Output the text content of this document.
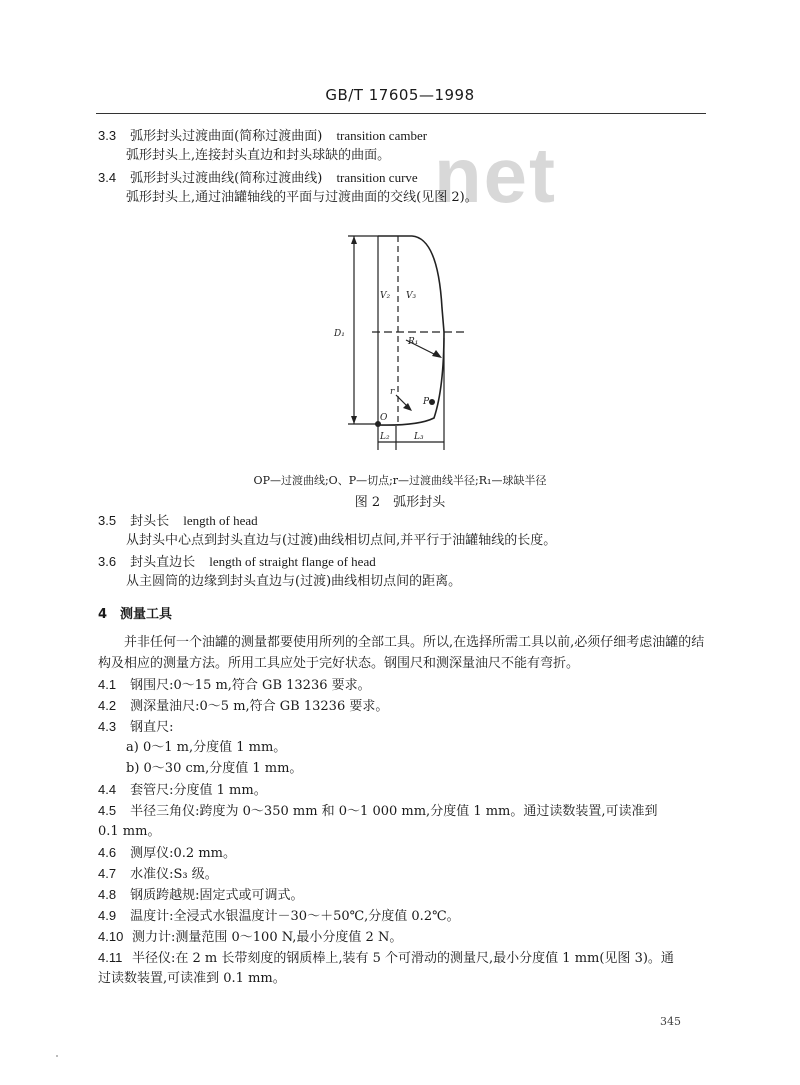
GB/T 17605—1998
net
3.3 弧形封头过渡曲面(简称过渡曲面) transition camber
弧形封头上,连接封头直边和封头球缺的曲面。
3.4 弧形封头过渡曲线(简称过渡曲线) transition curve
弧形封头上,通过油罐轴线的平面与过渡曲面的交线(见图 2)。
V₂ V₃
D₁
R₁
r
P
O
L₂	L₃
OP—过渡曲线;O、P—切点;r—过渡曲线半径;R₁—球缺半径
图 2　弧形封头
3.5 封头长 length of head
从封头中心点到封头直边与(过渡)曲线相切点间,并平行于油罐轴线的长度。
3.6 封头直边长 length of straight flange of head
从主圆筒的边缘到封头直边与(过渡)曲线相切点间的距离。
4　测量工具
并非任何一个油罐的测量都要使用所列的全部工具。所以,在选择所需工具以前,必须仔细考虑油罐的结构及相应的测量方法。所用工具应处于完好状态。钢围尺和测深量油尺不能有弯折。
4.1 钢围尺:0～15 m,符合 GB 13236 要求。
4.2 测深量油尺:0～5 m,符合 GB 13236 要求。
4.3 钢直尺:
a) 0～1 m,分度值 1 mm。
b) 0～30 cm,分度值 1 mm。
4.4 套管尺:分度值 1 mm。
4.5 半径三角仪:跨度为 0～350 mm 和 0～1 000 mm,分度值 1 mm。通过读数装置,可读准到
0.1 mm。
4.6 测厚仪:0.2 mm。
4.7 水准仪:S₃ 级。
4.8 钢质跨越规:固定式或可调式。
4.9 温度计:全浸式水银温度计－30～＋50℃,分度值 0.2℃。
4.10 测力计:测量范围 0～100 N,最小分度值 2 N。
4.11 半径仪:在 2 m 长带刻度的钢质棒上,装有 5 个可滑动的测量尺,最小分度值 1 mm(见图 3)。通
过读数装置,可读准到 0.1 mm。
345
